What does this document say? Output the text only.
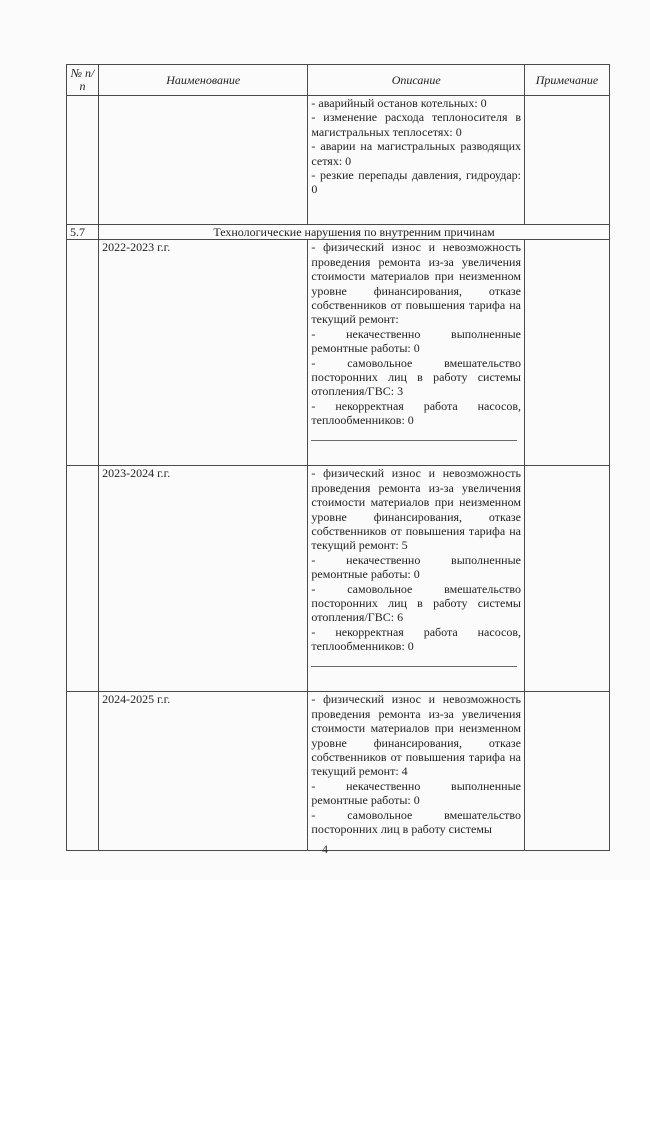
№ п/п	Наименование	Описание	Примечание

		- аварийный останов котельных: 0

- изменение расхода теплоносителя в магистральных теплосетях: 0

- аварии на магистральных разводящих сетях: 0

- резкие перепады давления, гидроудар: 0	

5.7	Технологические нарушения по внутренним причинам		
	2022-2023 г.г.	- физический износ и невозможность проведения ремонта из-за увеличения стоимости материалов при неизменном уровне финансирования, отказе собственников от повышения тарифа на текущий ремонт:

- некачественно выполненные ремонтные работы: 0

- самовольное вмешательство посторонних лиц в работу системы отопления/ГВС: 3

- некорректная работа насосов, теплообменников: 0	

	2023-2024 г.г.	- физический износ и невозможность проведения ремонта из-за увеличения стоимости материалов при неизменном уровне финансирования, отказе собственников от повышения тарифа на текущий ремонт: 5

- некачественно выполненные ремонтные работы: 0

- самовольное вмешательство посторонних лиц в работу системы отопления/ГВС: 6

- некорректная работа насосов, теплообменников: 0	

	2024-2025 г.г.	- физический износ и невозможность проведения ремонта из-за увеличения стоимости материалов при неизменном уровне финансирования, отказе собственников от повышения тарифа на текущий ремонт: 4

- некачественно выполненные ремонтные работы: 0

- самовольное вмешательство посторонних лиц в работу системы	

4
